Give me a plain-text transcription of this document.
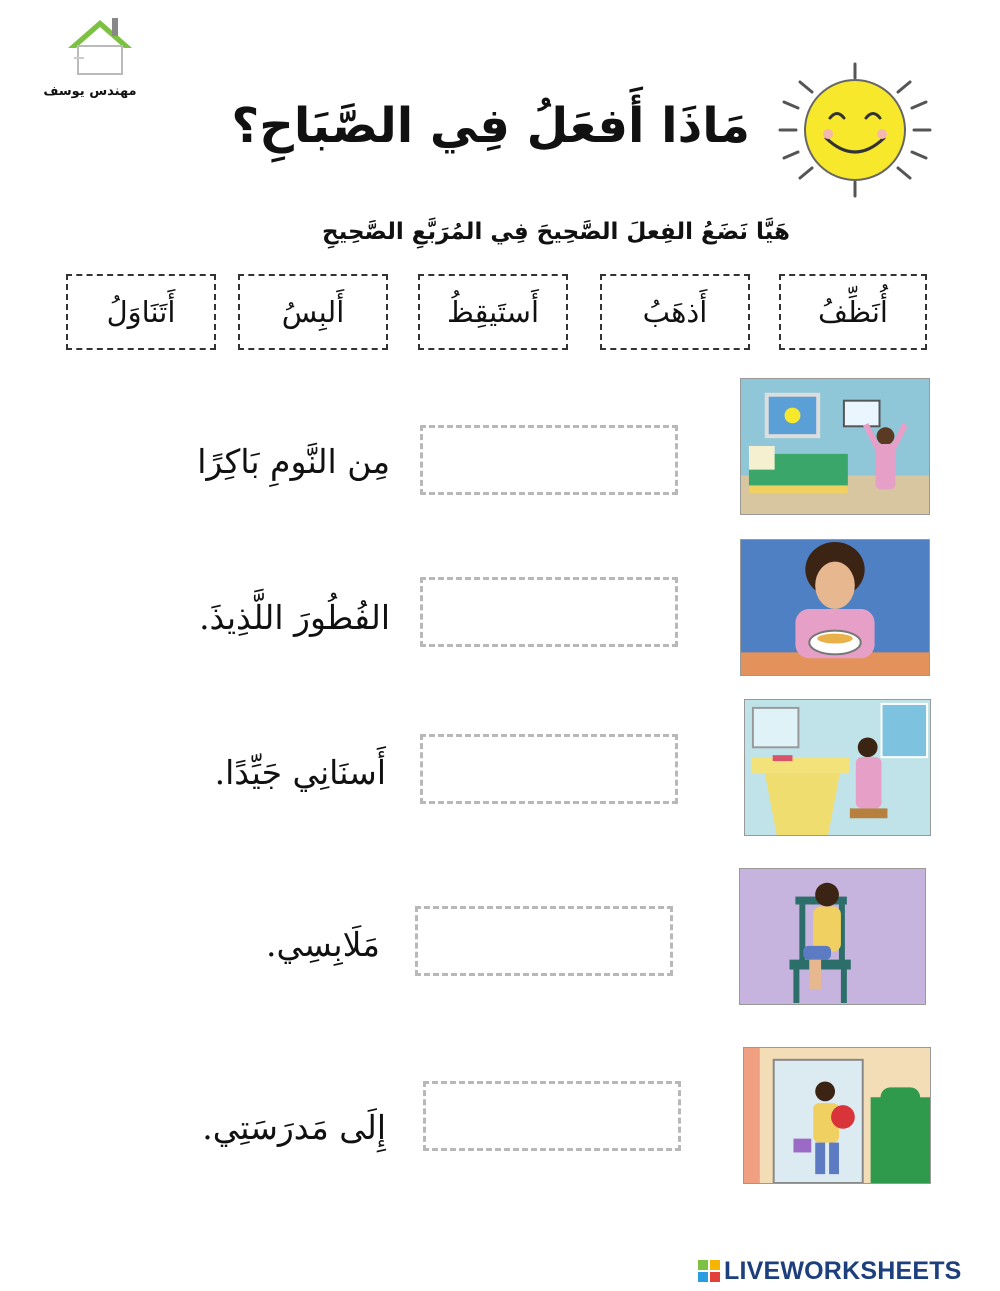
مهندس يوسف
مَاذَا أَفعَلُ فِي الصَّبَاحِ؟
هَيَّا نَضَعُ الفِعلَ الصَّحِيحَ فِي المُرَبَّعِ الصَّحِيحِ
أُنَظِّفُ
أَذهَبُ
أَستَيقِظُ
أَلبِسُ
أَتَنَاوَلُ
مِن النَّومِ بَاكِرًا
الفُطُورَ اللَّذِيذَ.
أَسنَانِي جَيِّدًا.
مَلَابِسِي.
إِلَى مَدرَسَتِي.
LIVEWORKSHEETS
